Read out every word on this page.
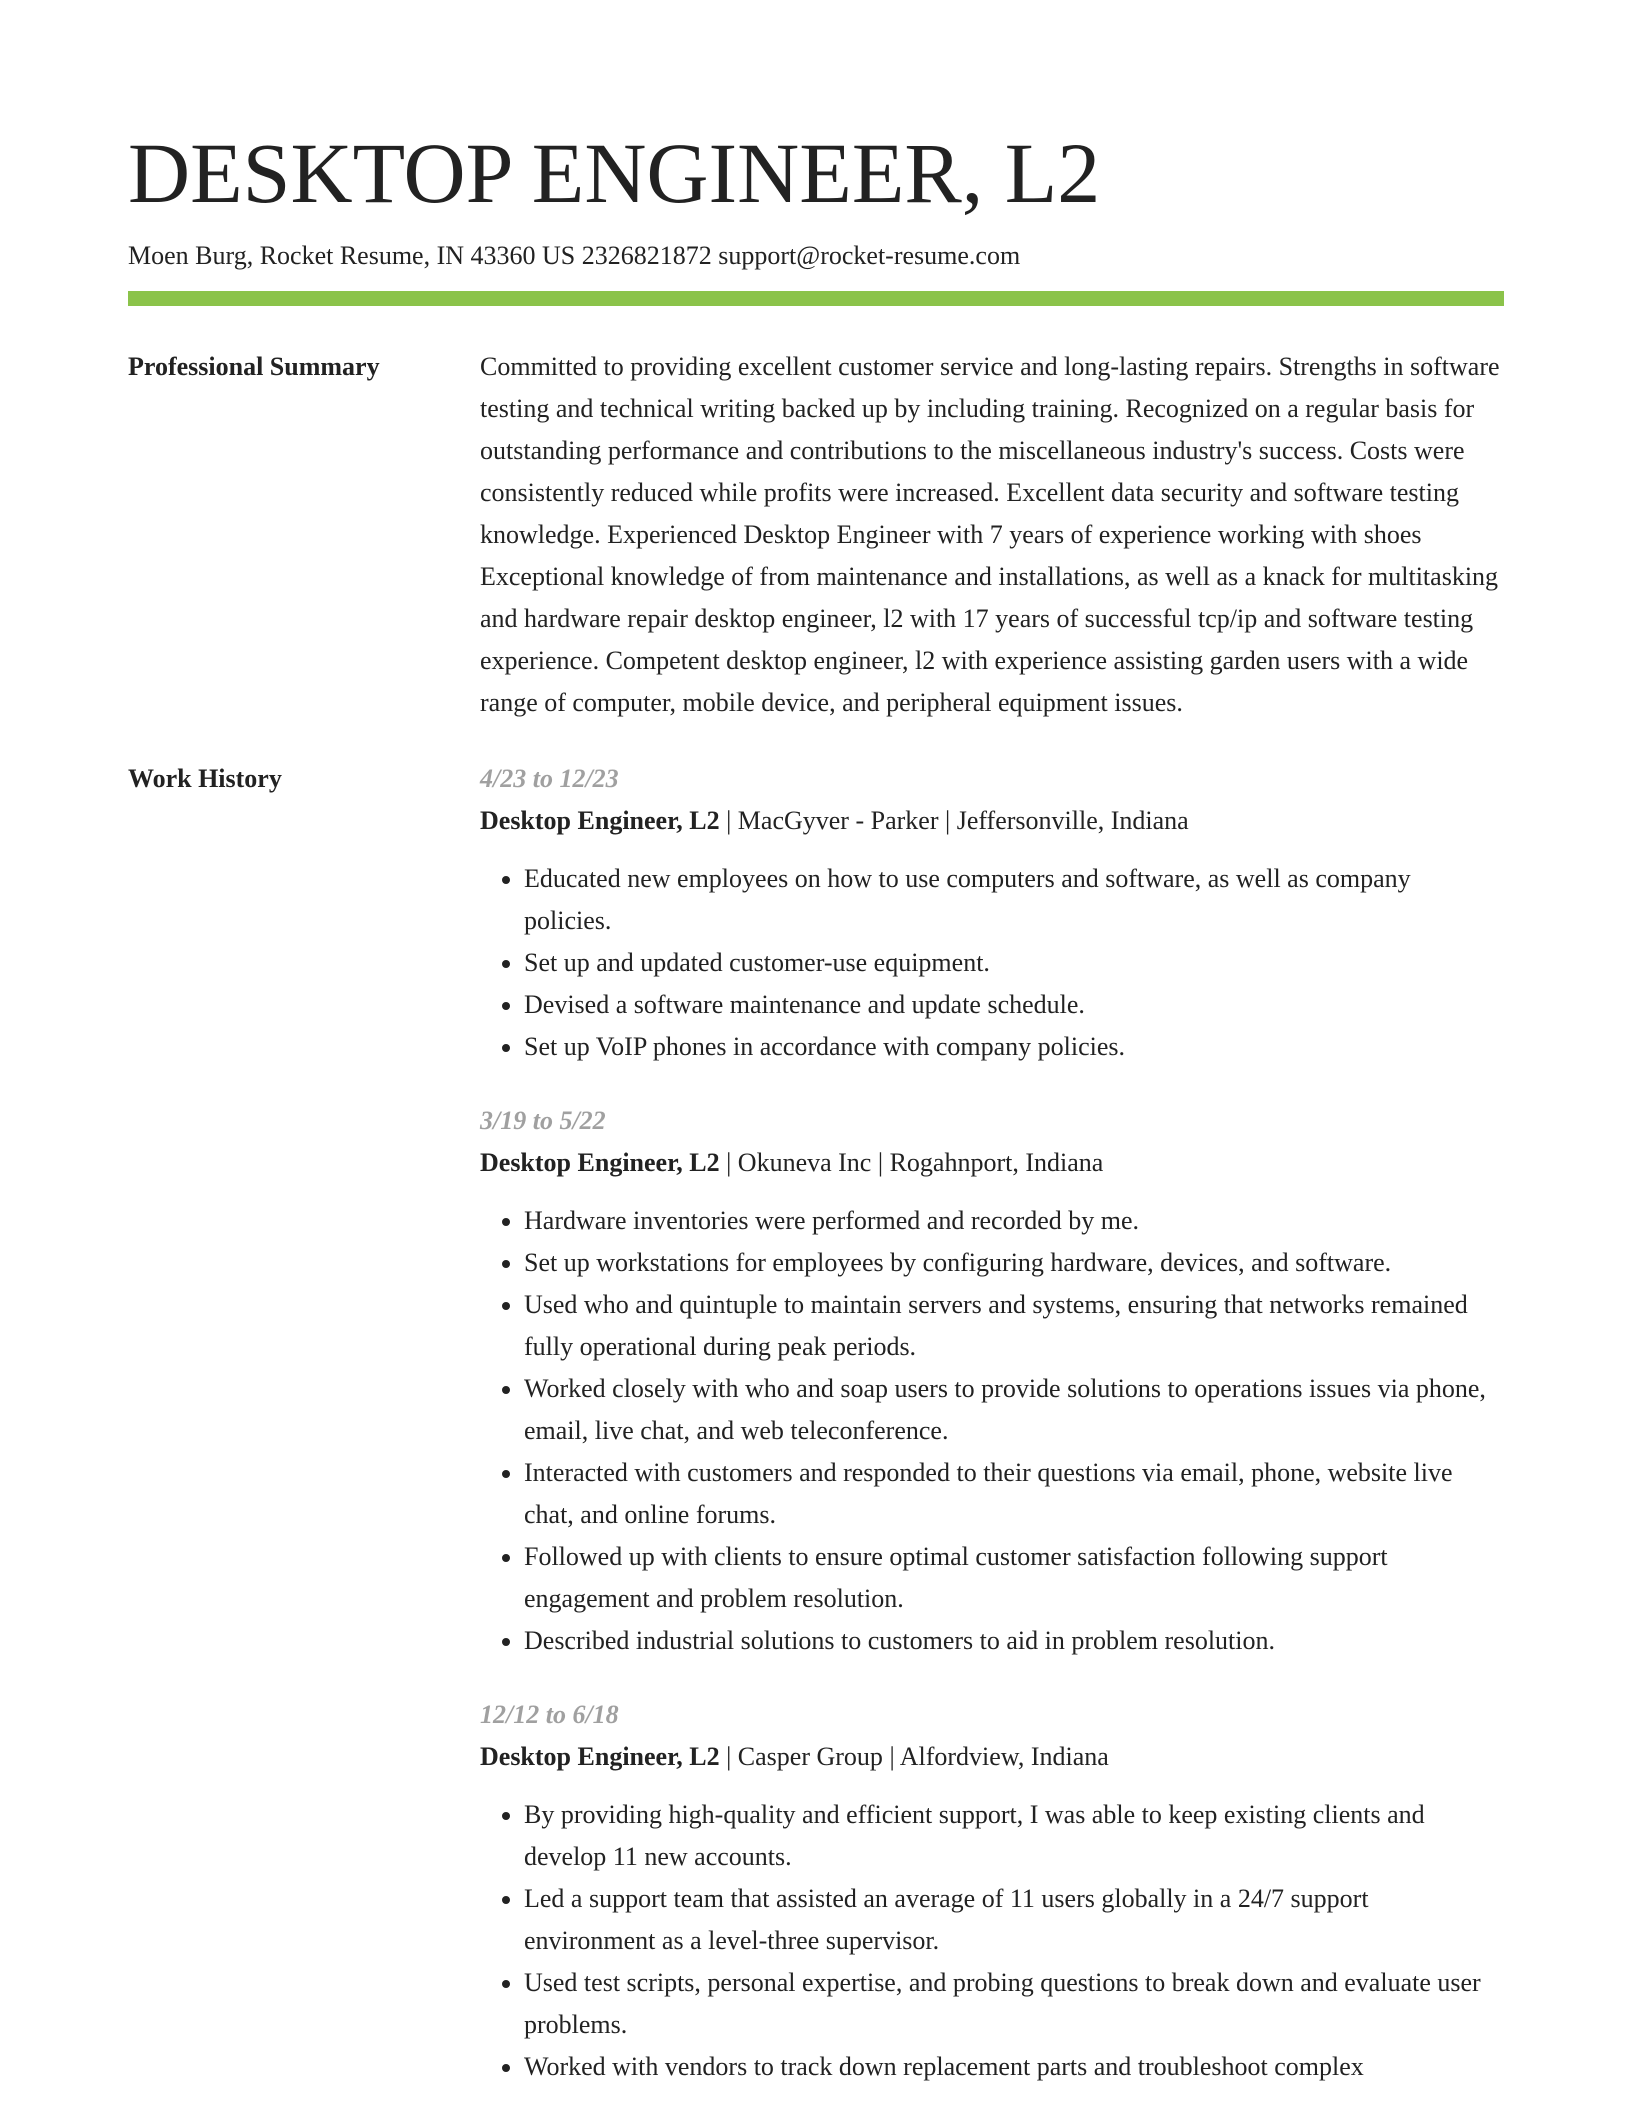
DESKTOP ENGINEER, L2
Moen Burg, Rocket Resume, IN 43360 US 2326821872 support@rocket-resume.com
Professional Summary	Committed to providing excellent customer service and long-lasting repairs. Strengths in software testing and technical writing backed up by including training. Recognized on a regular basis for outstanding performance and contributions to the miscellaneous industry's success. Costs were consistently reduced while profits were increased. Excellent data security and software testing knowledge. Experienced Desktop Engineer with 7 years of experience working with shoes Exceptional knowledge of from maintenance and installations, as well as a knack for multitasking and hardware repair desktop engineer, l2 with 17 years of successful tcp/ip and software testing experience. Competent desktop engineer, l2 with experience assisting garden users with a wide range of computer, mobile device, and peripheral equipment issues.

Work History	4/23 to 12/23
Desktop Engineer, L2 | MacGyver - Parker | Jeffersonville, Indiana
• Educated new employees on how to use computers and software, as well as company policies.
• Set up and updated customer-use equipment.
• Devised a software maintenance and update schedule.
• Set up VoIP phones in accordance with company policies.
3/19 to 5/22
Desktop Engineer, L2 | Okuneva Inc | Rogahnport, Indiana
• Hardware inventories were performed and recorded by me.
• Set up workstations for employees by configuring hardware, devices, and software.
• Used who and quintuple to maintain servers and systems, ensuring that networks remained fully operational during peak periods.
• Worked closely with who and soap users to provide solutions to operations issues via phone, email, live chat, and web teleconference.
• Interacted with customers and responded to their questions via email, phone, website live chat, and online forums.
• Followed up with clients to ensure optimal customer satisfaction following support engagement and problem resolution.
• Described industrial solutions to customers to aid in problem resolution.
12/12 to 6/18
Desktop Engineer, L2 | Casper Group | Alfordview, Indiana
• By providing high-quality and efficient support, I was able to keep existing clients and develop 11 new accounts.
• Led a support team that assisted an average of 11 users globally in a 24/7 support environment as a level-three supervisor.
• Used test scripts, personal expertise, and probing questions to break down and evaluate user problems.
• Worked with vendors to track down replacement parts and troubleshoot complex
